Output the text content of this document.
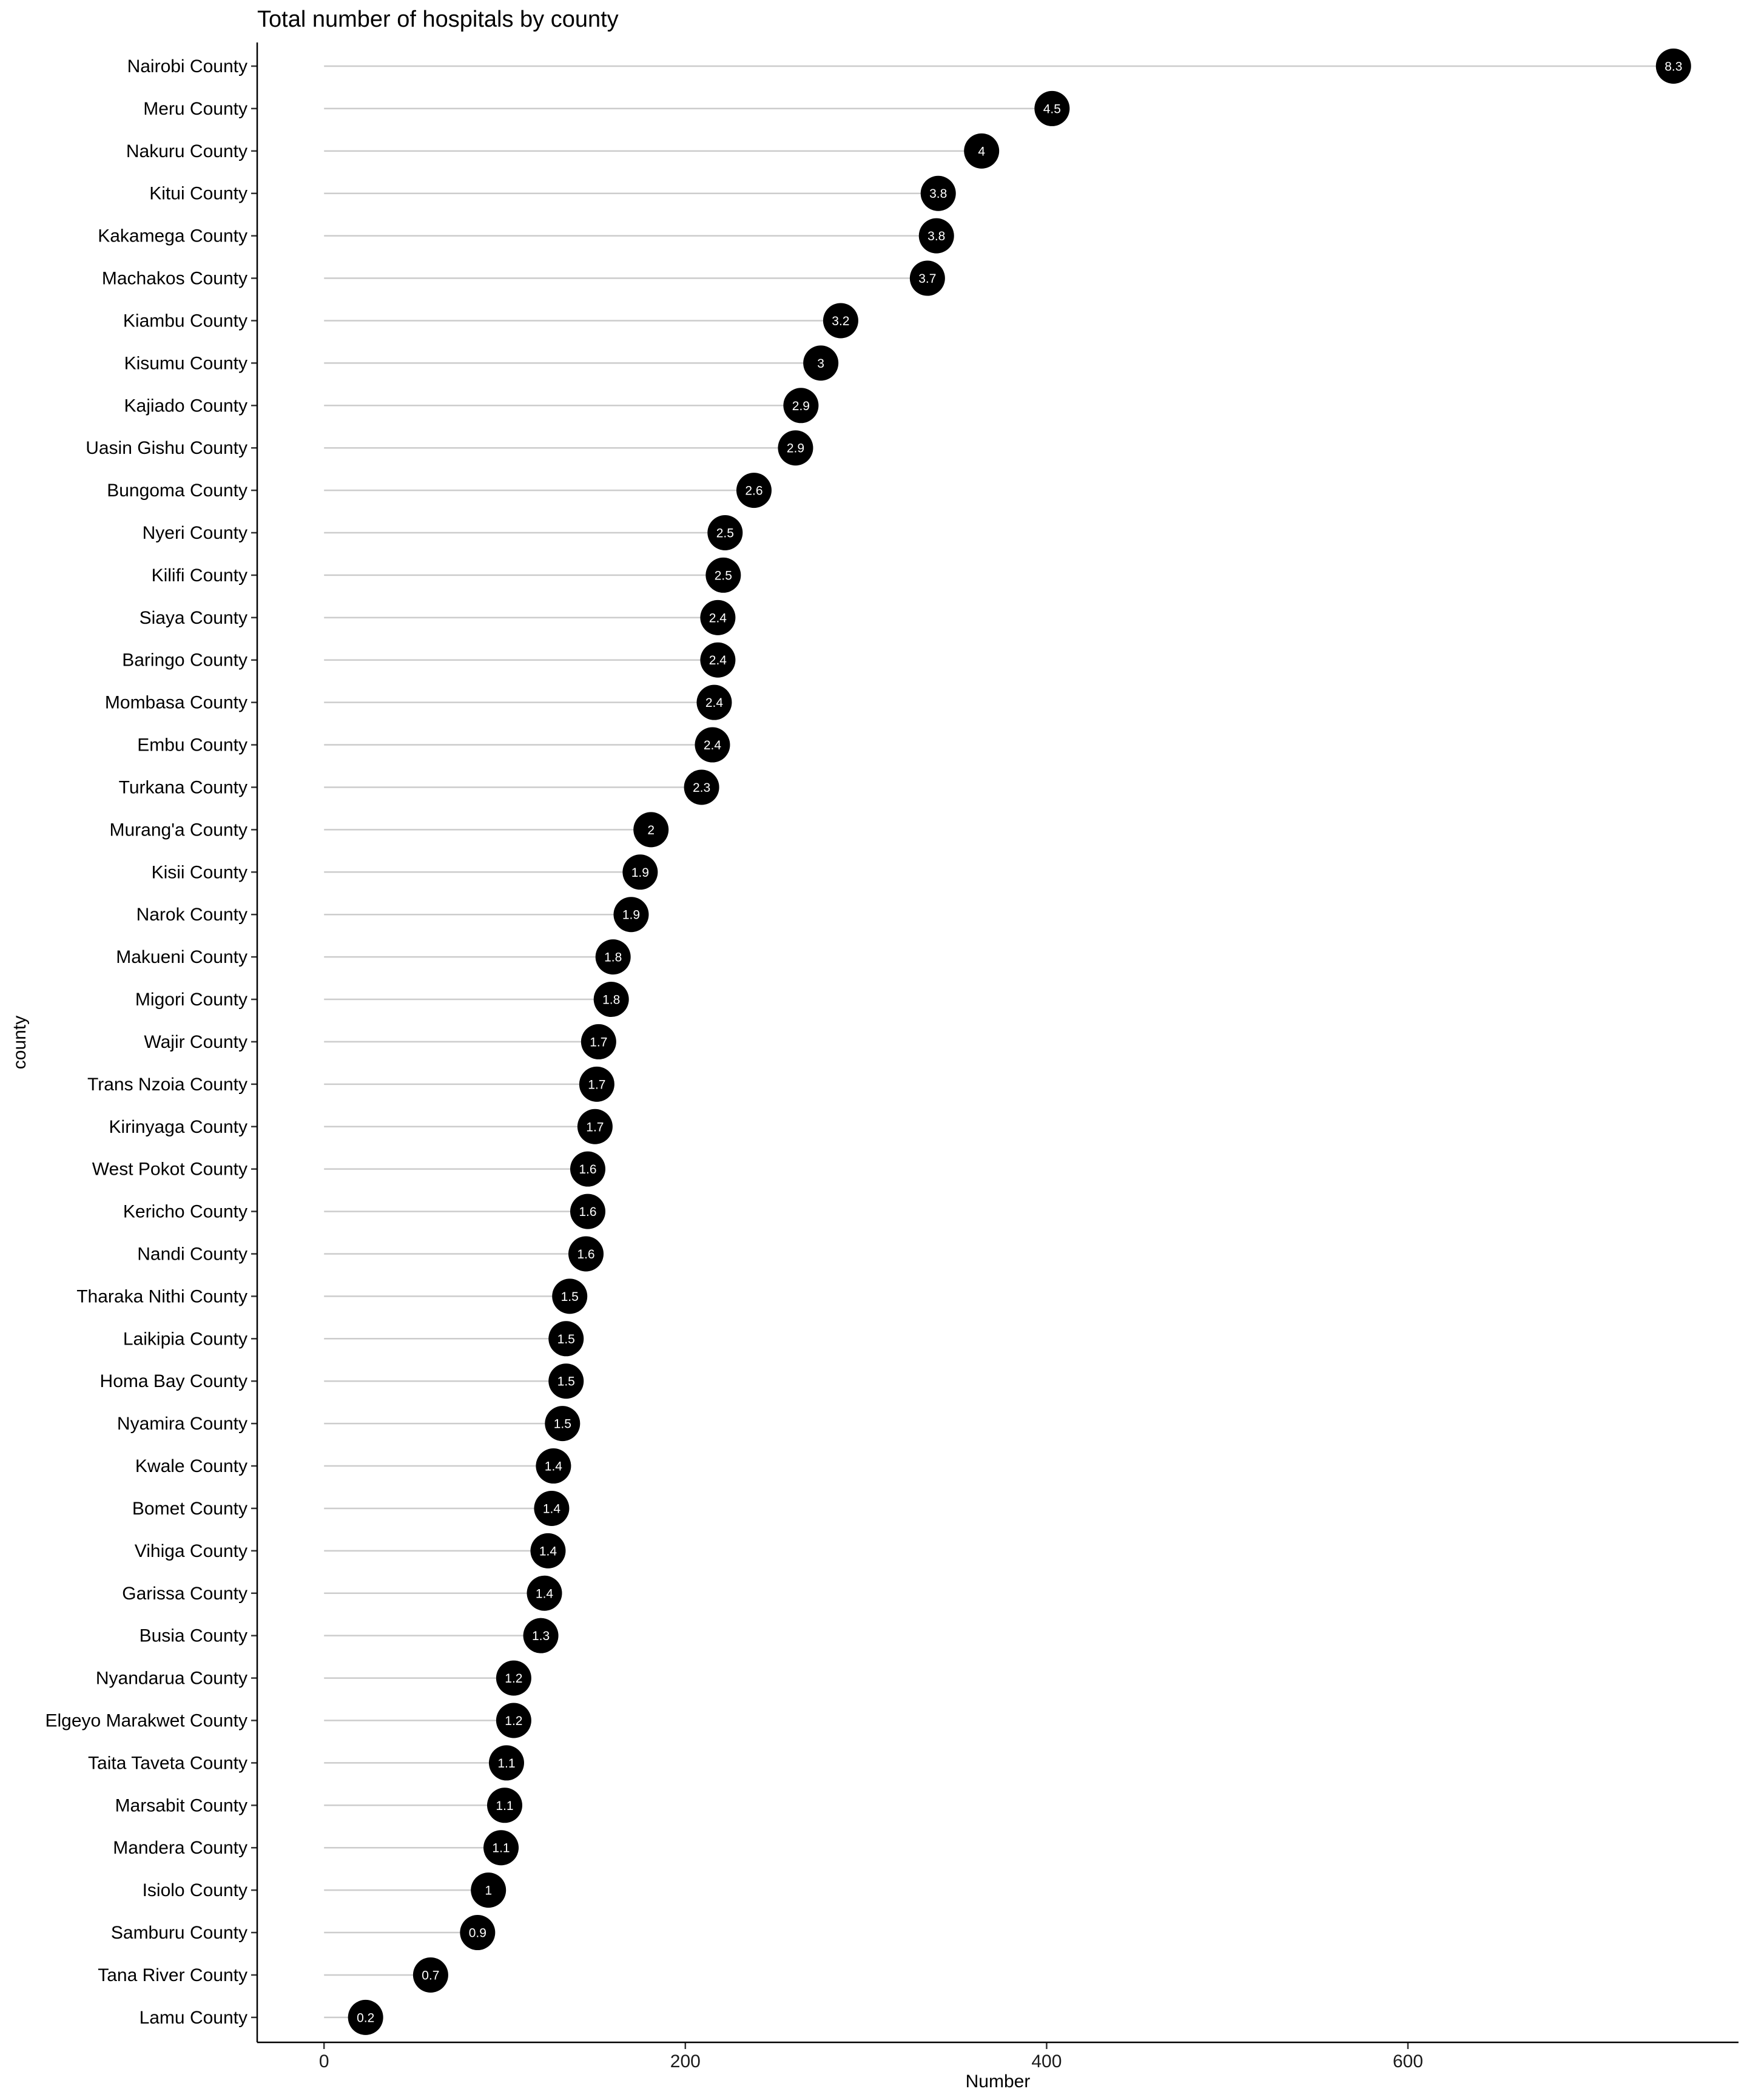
Total number of hospitals by county
8.3
4.5
4
3.8
3.8
3.7
3.2
3
2.9
2.9
2.6
2.5
2.5
2.4
2.4
2.4
2.4
2.3
2
1.9
1.9
1.8
1.8
1.7
1.7
1.7
1.6
1.6
1.6
1.5
1.5
1.5
1.5
1.4
1.4
1.4
1.4
1.3
1.2
1.2
1.1
1.1
1.1
1
0.9
0.7
0.2
Nairobi County
Meru County
Nakuru County
Kitui County
Kakamega County
Machakos County
Kiambu County
Kisumu County
Kajiado County
Uasin Gishu County
Bungoma County
Nyeri County
Kilifi County
Siaya County
Baringo County
Mombasa County
Embu County
Turkana County
Murang'a County
Kisii County
Narok County
Makueni County
Migori County
Wajir County
Trans Nzoia County
Kirinyaga County
West Pokot County
Kericho County
Nandi County
Tharaka Nithi County
Laikipia County
Homa Bay County
Nyamira County
Kwale County
Bomet County
Vihiga County
Garissa County
Busia County
Nyandarua County
Elgeyo Marakwet County
Taita Taveta County
Marsabit County
Mandera County
Isiolo County
Samburu County
Tana River County
Lamu County
0	200	400	600
Number
county
